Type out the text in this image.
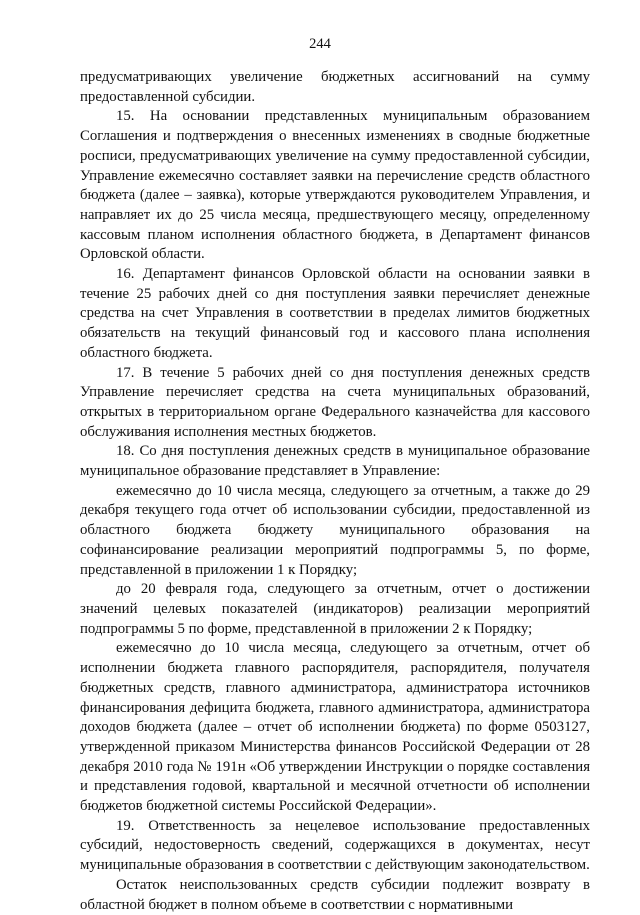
244

предусматривающих увеличение бюджетных ассигнований на сумму предоставленной субсидии.

15. На основании представленных муниципальным образованием Соглашения и подтверждения о внесенных изменениях в сводные бюджетные росписи, предусматривающих увеличение на сумму предоставленной субсидии, Управление ежемесячно составляет заявки на перечисление средств областного бюджета (далее – заявка), которые утверждаются руководителем Управления, и направляет их до 25 числа месяца, предшествующего месяцу, определенному кассовым планом исполнения областного бюджета, в Департамент финансов Орловской области.

16. Департамент финансов Орловской области на основании заявки в течение 25 рабочих дней со дня поступления заявки перечисляет денежные средства на счет Управления в соответствии в пределах лимитов бюджетных обязательств на текущий финансовый год и кассового плана исполнения областного бюджета.

17. В течение 5 рабочих дней со дня поступления денежных средств Управление перечисляет средства на счета муниципальных образований, открытых в территориальном органе Федерального казначейства для кассового обслуживания исполнения местных бюджетов.

18. Со дня поступления денежных средств в муниципальное образование муниципальное образование представляет в Управление:

ежемесячно до 10 числа месяца, следующего за отчетным, а также до 29 декабря текущего года отчет об использовании субсидии, предоставленной из областного бюджета бюджету муниципального образования на софинансирование реализации мероприятий подпрограммы 5, по форме, представленной в приложении 1 к Порядку;

до 20 февраля года, следующего за отчетным, отчет о достижении значений целевых показателей (индикаторов) реализации мероприятий подпрограммы 5 по форме, представленной в приложении 2 к Порядку;

ежемесячно до 10 числа месяца, следующего за отчетным, отчет об исполнении бюджета главного распорядителя, распорядителя, получателя бюджетных средств, главного администратора, администратора источников финансирования дефицита бюджета, главного администратора, администратора доходов бюджета (далее – отчет об исполнении бюджета) по форме 0503127, утвержденной приказом Министерства финансов Российской Федерации от 28 декабря 2010 года № 191н «Об утверждении Инструкции о порядке составления и представления годовой, квартальной и месячной отчетности об исполнении бюджетов бюджетной системы Российской Федерации».

19. Ответственность за нецелевое использование предоставленных субсидий, недостоверность сведений, содержащихся в документах, несут муниципальные образования в соответствии с действующим законодательством.

Остаток неиспользованных средств субсидии подлежит возврату в областной бюджет в полном объеме в соответствии с нормативными
